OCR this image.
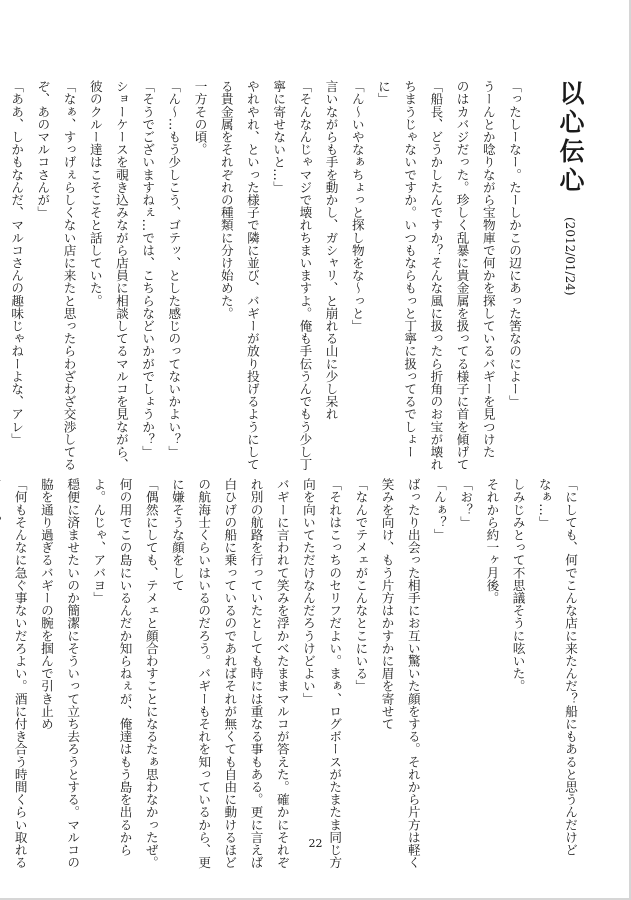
以心伝心 (2012/01/24)

「ったしーなー。たーしかこの辺にあった筈なのによー」

うーんとか唸りながら宝物庫で何かを探しているバギーを見つけた

のはカバジだった。珍しく乱暴に貴金属を扱ってる様子に首を傾げて

「船長、どうかしたんですか？そんな風に扱ったら折角のお宝が壊れ

ちまうじゃないですか。いつもならもっと丁寧に扱ってるでしょー

に」

「ん〜いやなぁちょっと探し物をな〜っと」

言いながらも手を動かし、ガシャリ、と崩れる山に少し呆れ

「そんなんじゃマジで壊れちまいますよ。俺も手伝うんでもう少し丁

寧に寄せないと…」

やれやれ、といった様子で隣に並び、バギーが放り投げるようにして

る貴金属をそれぞれの種類に分け始めた。

一方その頃。

「ん〜…もう少しこう、ゴテッ、とした感じのってないかよい？」

「そうでございますねぇ…では、こちらなどいかがでしょうか？」

ショーケースを覗き込みながら店員に相談してるマルコを見ながら、

彼のクルー達はこそこそと話していた。

「なぁ、すっげぇらしくない店に来たと思ったらわざわざ交渉してる

ぞ、あのマルコさんが」

「ああ、しかもなんだ、マルコさんの趣味じゃねーよな、アレ」

「にしても、何でこんな店に来たんだ？船にもあると思うんだけど

なぁ…」

しみじみとって不思議そうに呟いた。

それから約一ヶ月後。

「お？」

「んぁ？」

ばったり出会った相手にお互い驚いた顔をする。それから片方は軽く

笑みを向け、もう片方はかすかに眉を寄せて

「なんでテメェがこんなとこにいる」

「それはこっちのセリフだよい。まぁ、ログボースがたまたま同じ方

向を向いてただけなんだろうけどよい」

バギーに言われて笑みを浮かべたままマルコが答えた。確かにそれぞ

れ別の航路を行っていたとしても時には重なる事もある。更に言えば

白ひげの船に乗っているのであればそれが無くても自由に動けるほど

の航海士くらいはいるのだろう。バギーもそれを知っているから、更

に嫌そうな顔をして

「偶然にしても、テメェと顔合わすことになるたぁ思わなかったぜ。

何の用でこの島にいるんだか知らねぇが、俺達はもう島を出るから

よ。んじゃ、アバヨ」

穏便に済ませたいのか簡潔にそういって立ち去ろうとする。マルコの

脇を通り過ぎるバギーの腕を掴んで引き止め

「何もそんなに急ぐ事ないだろよい。酒に付き合う時間くらい取れる	22
